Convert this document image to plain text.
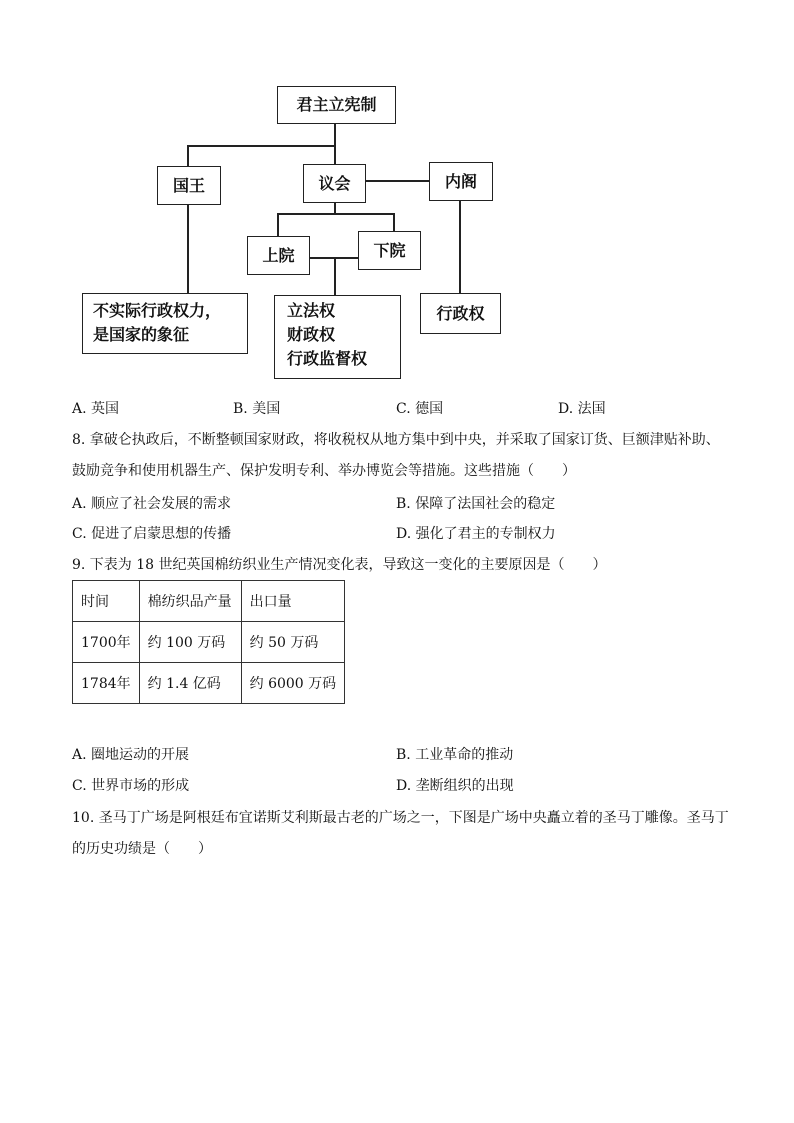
君主立宪制
国王	议会	内阁
上院	下院
不实际行政权力，
是国家的象征
立法权
财政权
行政监督权
行政权
A. 英国	B. 美国	C. 德国	D. 法国
8. 拿破仑执政后，不断整顿国家财政，将收税权从地方集中到中央，并采取了国家订货、巨额津贴补助、鼓励竞争和使用机器生产、保护发明专利、举办博览会等措施。这些措施（　　）
A. 顺应了社会发展的需求	B. 保障了法国社会的稳定
C. 促进了启蒙思想的传播	D. 强化了君主的专制权力
9. 下表为 18 世纪英国棉纺织业生产情况变化表，导致这一变化的主要原因是（　　）
时间	棉纺织品产量	出口量
1700年	约 100 万码	约 50 万码
1784年	约 1.4 亿码	约 6000 万码
A. 圈地运动的开展	B. 工业革命的推动
C. 世界市场的形成	D. 垄断组织的出现
10. 圣马丁广场是阿根廷布宜诺斯艾利斯最古老的广场之一，下图是广场中央矗立着的圣马丁雕像。圣马丁的历史功绩是（　　）
